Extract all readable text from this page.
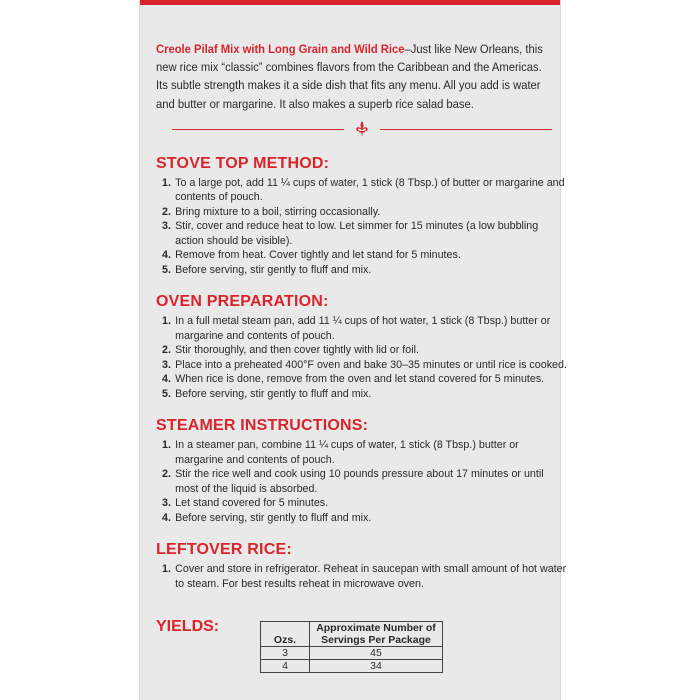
Creole Pilaf Mix with Long Grain and Wild Rice–Just like New Orleans, this new rice mix “classic” combines flavors from the Caribbean and the Americas. Its subtle strength makes it a side dish that fits any menu. All you add is water and butter or margarine. It also makes a superb rice salad base.

STOVE TOP METHOD:
1. To a large pot, add 11 ¼ cups of water, 1 stick (8 Tbsp.) of butter or margarine and contents of pouch.
2. Bring mixture to a boil, stirring occasionally.
3. Stir, cover and reduce heat to low. Let simmer for 15 minutes (a low bubbling action should be visible).
4. Remove from heat. Cover tightly and let stand for 5 minutes.
5. Before serving, stir gently to fluff and mix.
OVEN PREPARATION:
1. In a full metal steam pan, add 11 ¼ cups of hot water, 1 stick (8 Tbsp.) butter or margarine and contents of pouch.
2. Stir thoroughly, and then cover tightly with lid or foil.
3. Place into a preheated 400°F oven and bake 30–35 minutes or until rice is cooked.
4. When rice is done, remove from the oven and let stand covered for 5 minutes.
5. Before serving, stir gently to fluff and mix.
STEAMER INSTRUCTIONS:
1. In a steamer pan, combine 11 ¼ cups of water, 1 stick (8 Tbsp.) butter or margarine and contents of pouch.
2. Stir the rice well and cook using 10 pounds pressure about 17 minutes or until most of the liquid is absorbed.
3. Let stand covered for 5 minutes.
4. Before serving, stir gently to fluff and mix.
LEFTOVER RICE:
1. Cover and store in refrigerator. Reheat in saucepan with small amount of hot water to steam. For best results reheat in microwave oven.
YIELDS:
Ozs.	Approximate Number of Servings Per Package
3	45
4	34
